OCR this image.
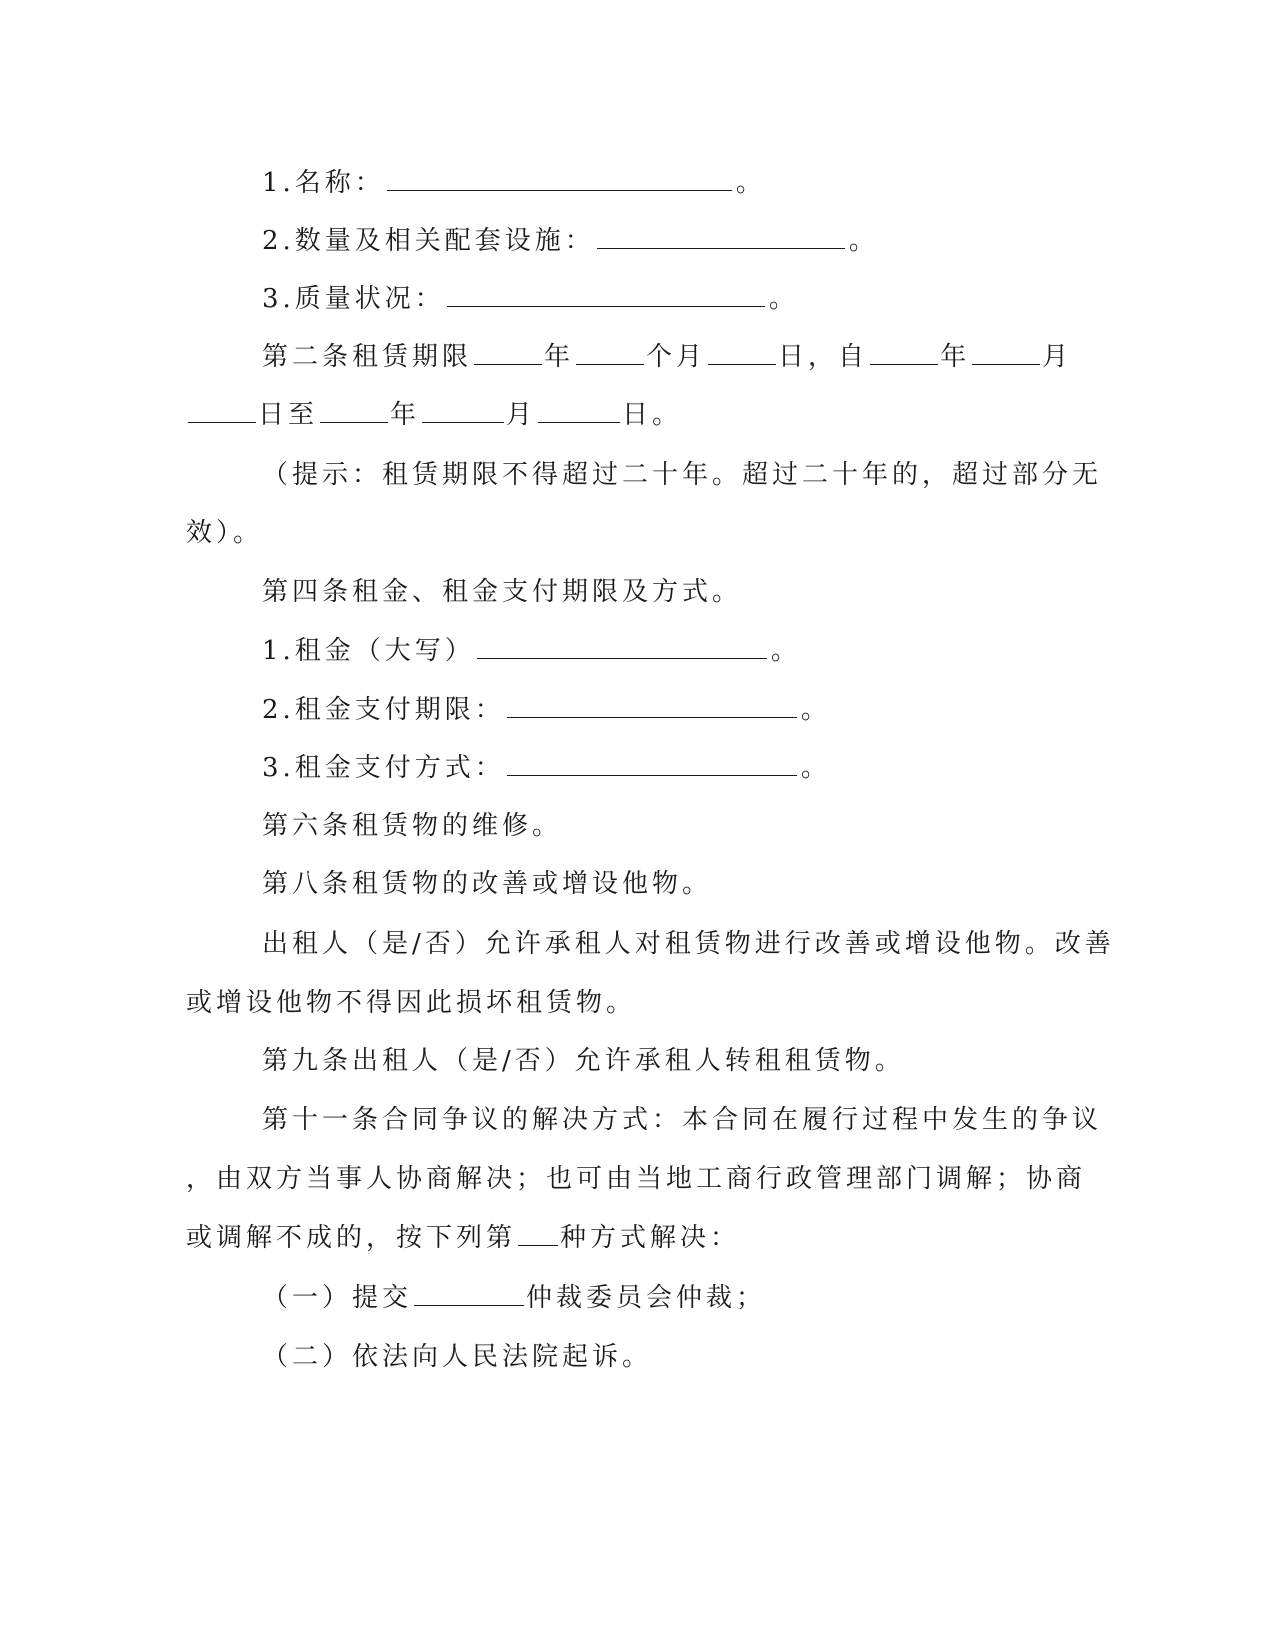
1.名称：	。
2.数量及相关配套设施：	。
3.质量状况：	。
第二条租赁期限	年	个月	日，自	年	月
日至	年	月	日。
（提示：租赁期限不得超过二十年。超过二十年的，超过部分无
效）。
第四条租金、租金支付期限及方式。
1.租金（大写）	。
2.租金支付期限：	。
3.租金支付方式：	。
第六条租赁物的维修。
第八条租赁物的改善或增设他物。
出租人（是/否）允许承租人对租赁物进行改善或增设他物。改善
或增设他物不得因此损坏租赁物。
第九条出租人（是/否）允许承租人转租租赁物。
第十一条合同争议的解决方式：本合同在履行过程中发生的争议
，由双方当事人协商解决；也可由当地工商行政管理部门调解；协商
或调解不成的，按下列第 种方式解决：
（一）提交	仲裁委员会仲裁；
（二）依法向人民法院起诉。
